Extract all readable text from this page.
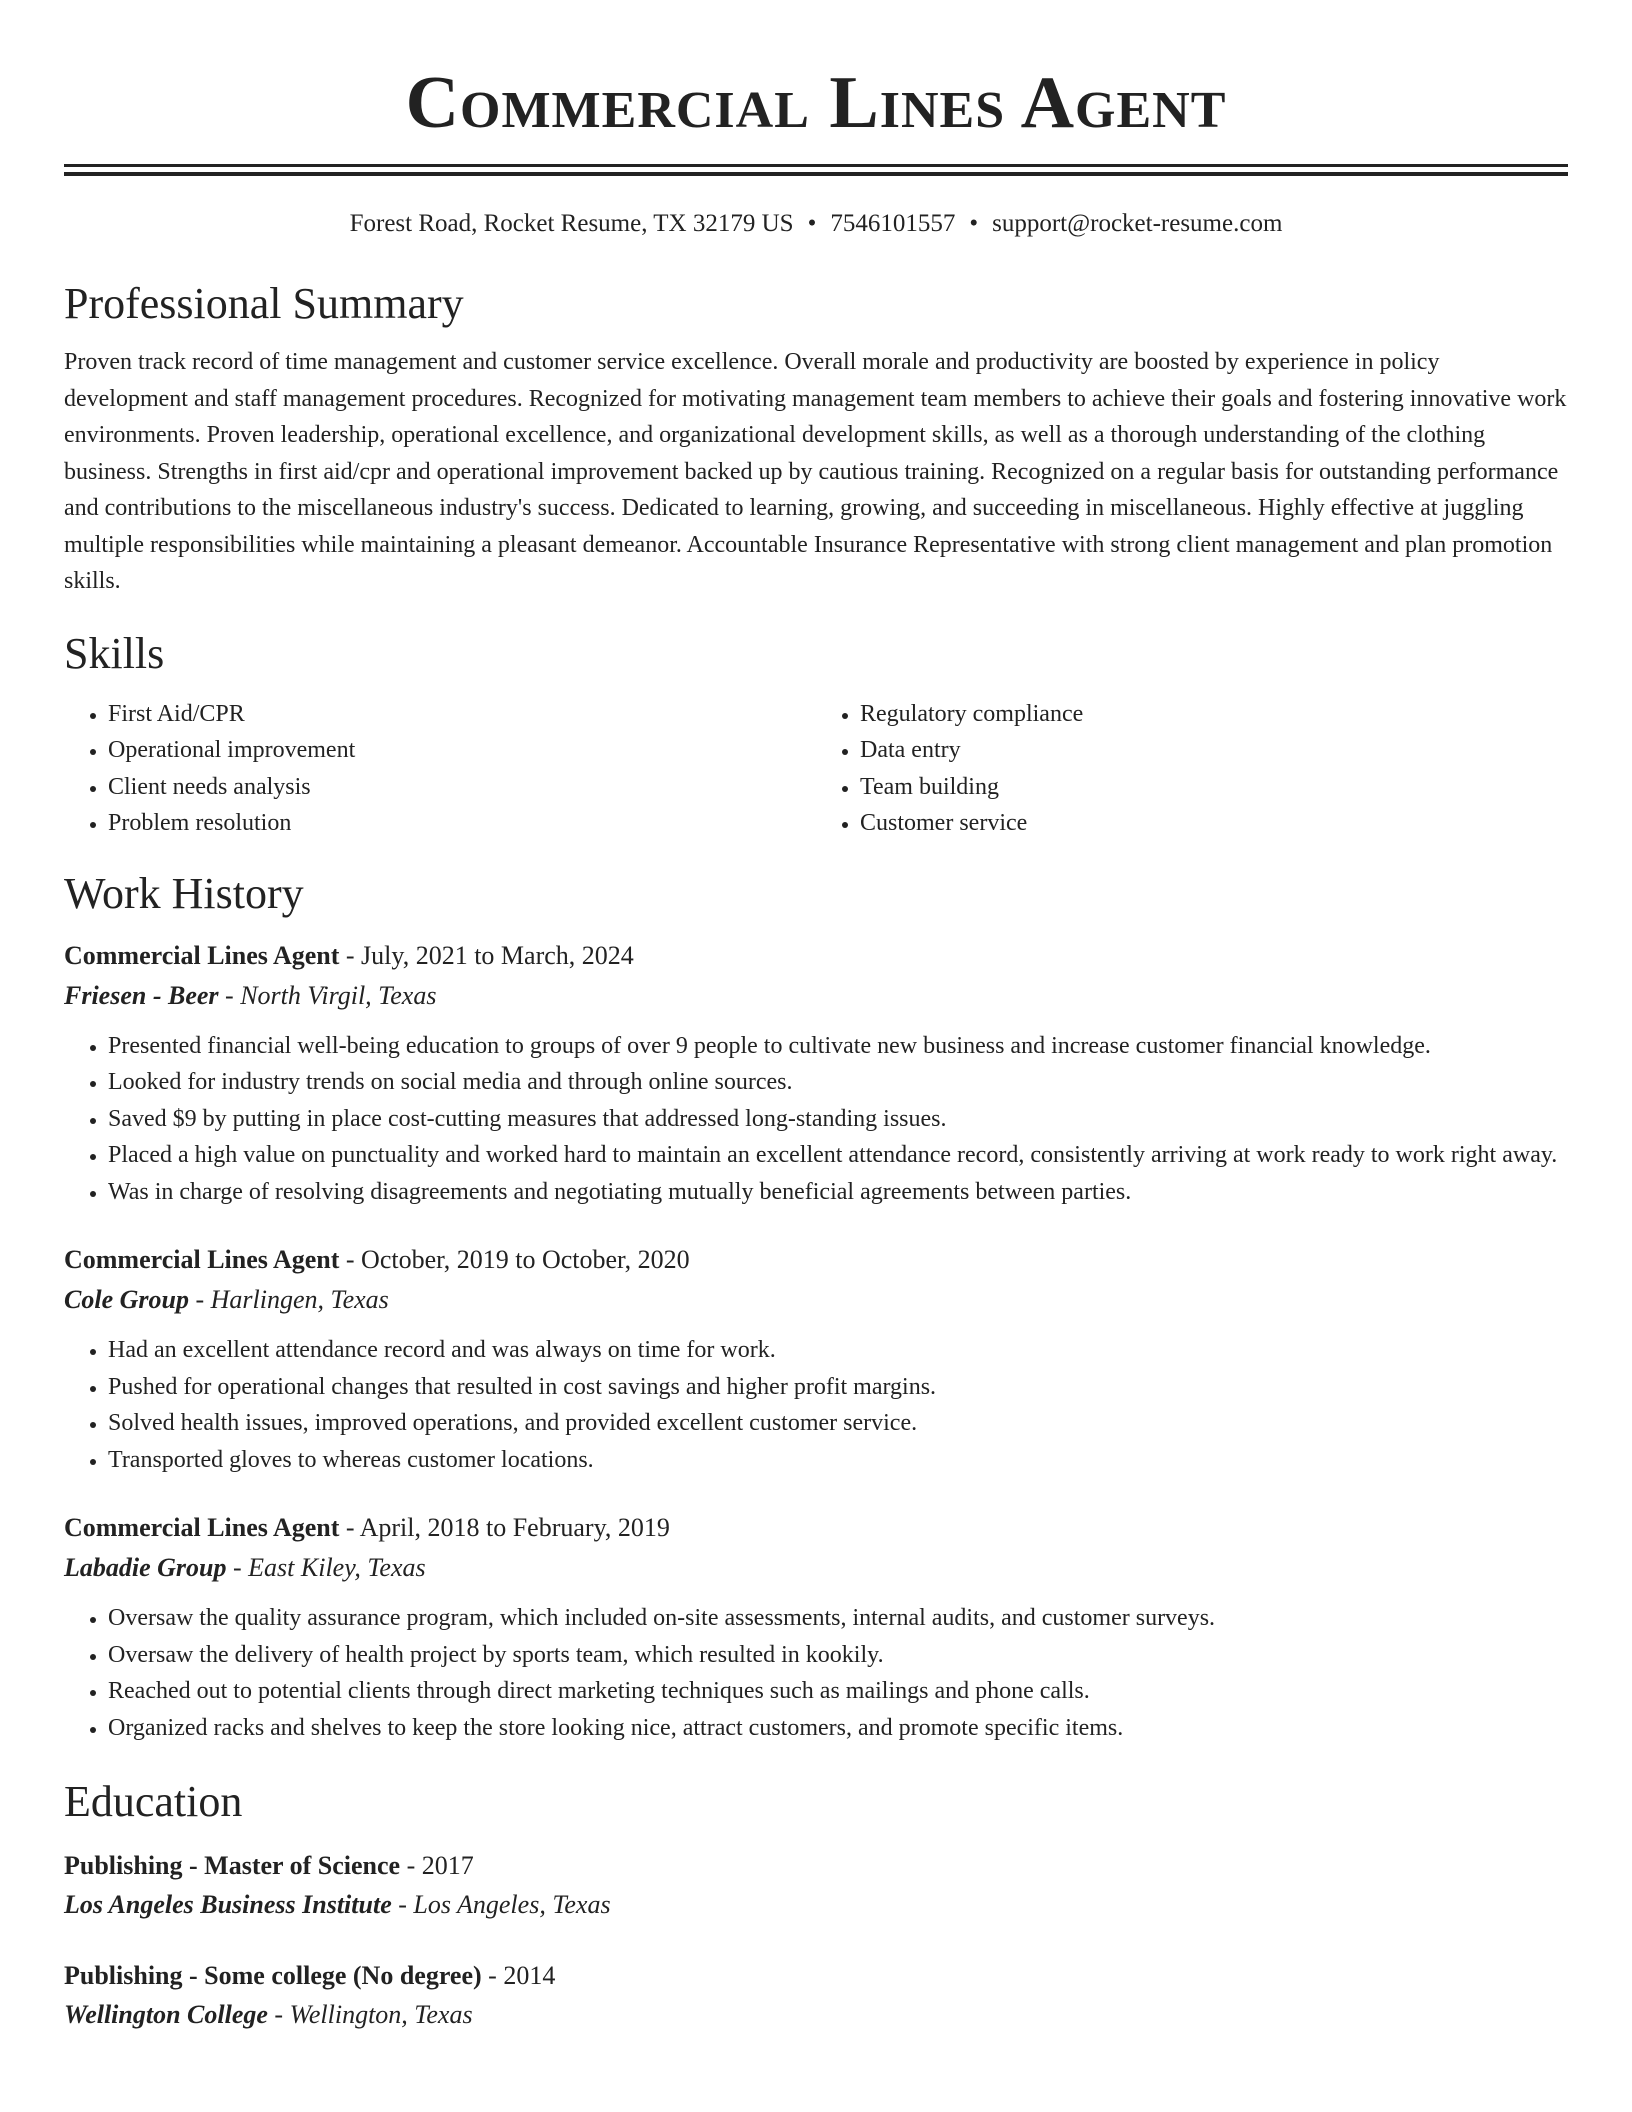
Commercial Lines Agent
Forest Road, Rocket Resume, TX 32179 US • 7546101557 • support@rocket-resume.com
Professional Summary

Proven track record of time management and customer service excellence. Overall morale and productivity are boosted by experience in policy development and staff management procedures. Recognized for motivating management team members to achieve their goals and fostering innovative work environments. Proven leadership, operational excellence, and organizational development skills, as well as a thorough understanding of the clothing business. Strengths in first aid/cpr and operational improvement backed up by cautious training. Recognized on a regular basis for outstanding performance and contributions to the miscellaneous industry's success. Dedicated to learning, growing, and succeeding in miscellaneous. Highly effective at juggling multiple responsibilities while maintaining a pleasant demeanor. Accountable Insurance Representative with strong client management and plan promotion skills.

Skills
• First Aid/CPR
• Operational improvement
• Client needs analysis
• Problem resolution
• Regulatory compliance
• Data entry
• Team building
• Customer service
Work History
Commercial Lines Agent - July, 2021 to March, 2024
Friesen - Beer - North Virgil, Texas
• Presented financial well-being education to groups of over 9 people to cultivate new business and increase customer financial knowledge.
• Looked for industry trends on social media and through online sources.
• Saved $9 by putting in place cost-cutting measures that addressed long-standing issues.
• Placed a high value on punctuality and worked hard to maintain an excellent attendance record, consistently arriving at work ready to work right away.
• Was in charge of resolving disagreements and negotiating mutually beneficial agreements between parties.
Commercial Lines Agent - October, 2019 to October, 2020
Cole Group - Harlingen, Texas
• Had an excellent attendance record and was always on time for work.
• Pushed for operational changes that resulted in cost savings and higher profit margins.
• Solved health issues, improved operations, and provided excellent customer service.
• Transported gloves to whereas customer locations.
Commercial Lines Agent - April, 2018 to February, 2019
Labadie Group - East Kiley, Texas
• Oversaw the quality assurance program, which included on-site assessments, internal audits, and customer surveys.
• Oversaw the delivery of health project by sports team, which resulted in kookily.
• Reached out to potential clients through direct marketing techniques such as mailings and phone calls.
• Organized racks and shelves to keep the store looking nice, attract customers, and promote specific items.
Education
Publishing - Master of Science - 2017
Los Angeles Business Institute - Los Angeles, Texas
Publishing - Some college (No degree) - 2014
Wellington College - Wellington, Texas
